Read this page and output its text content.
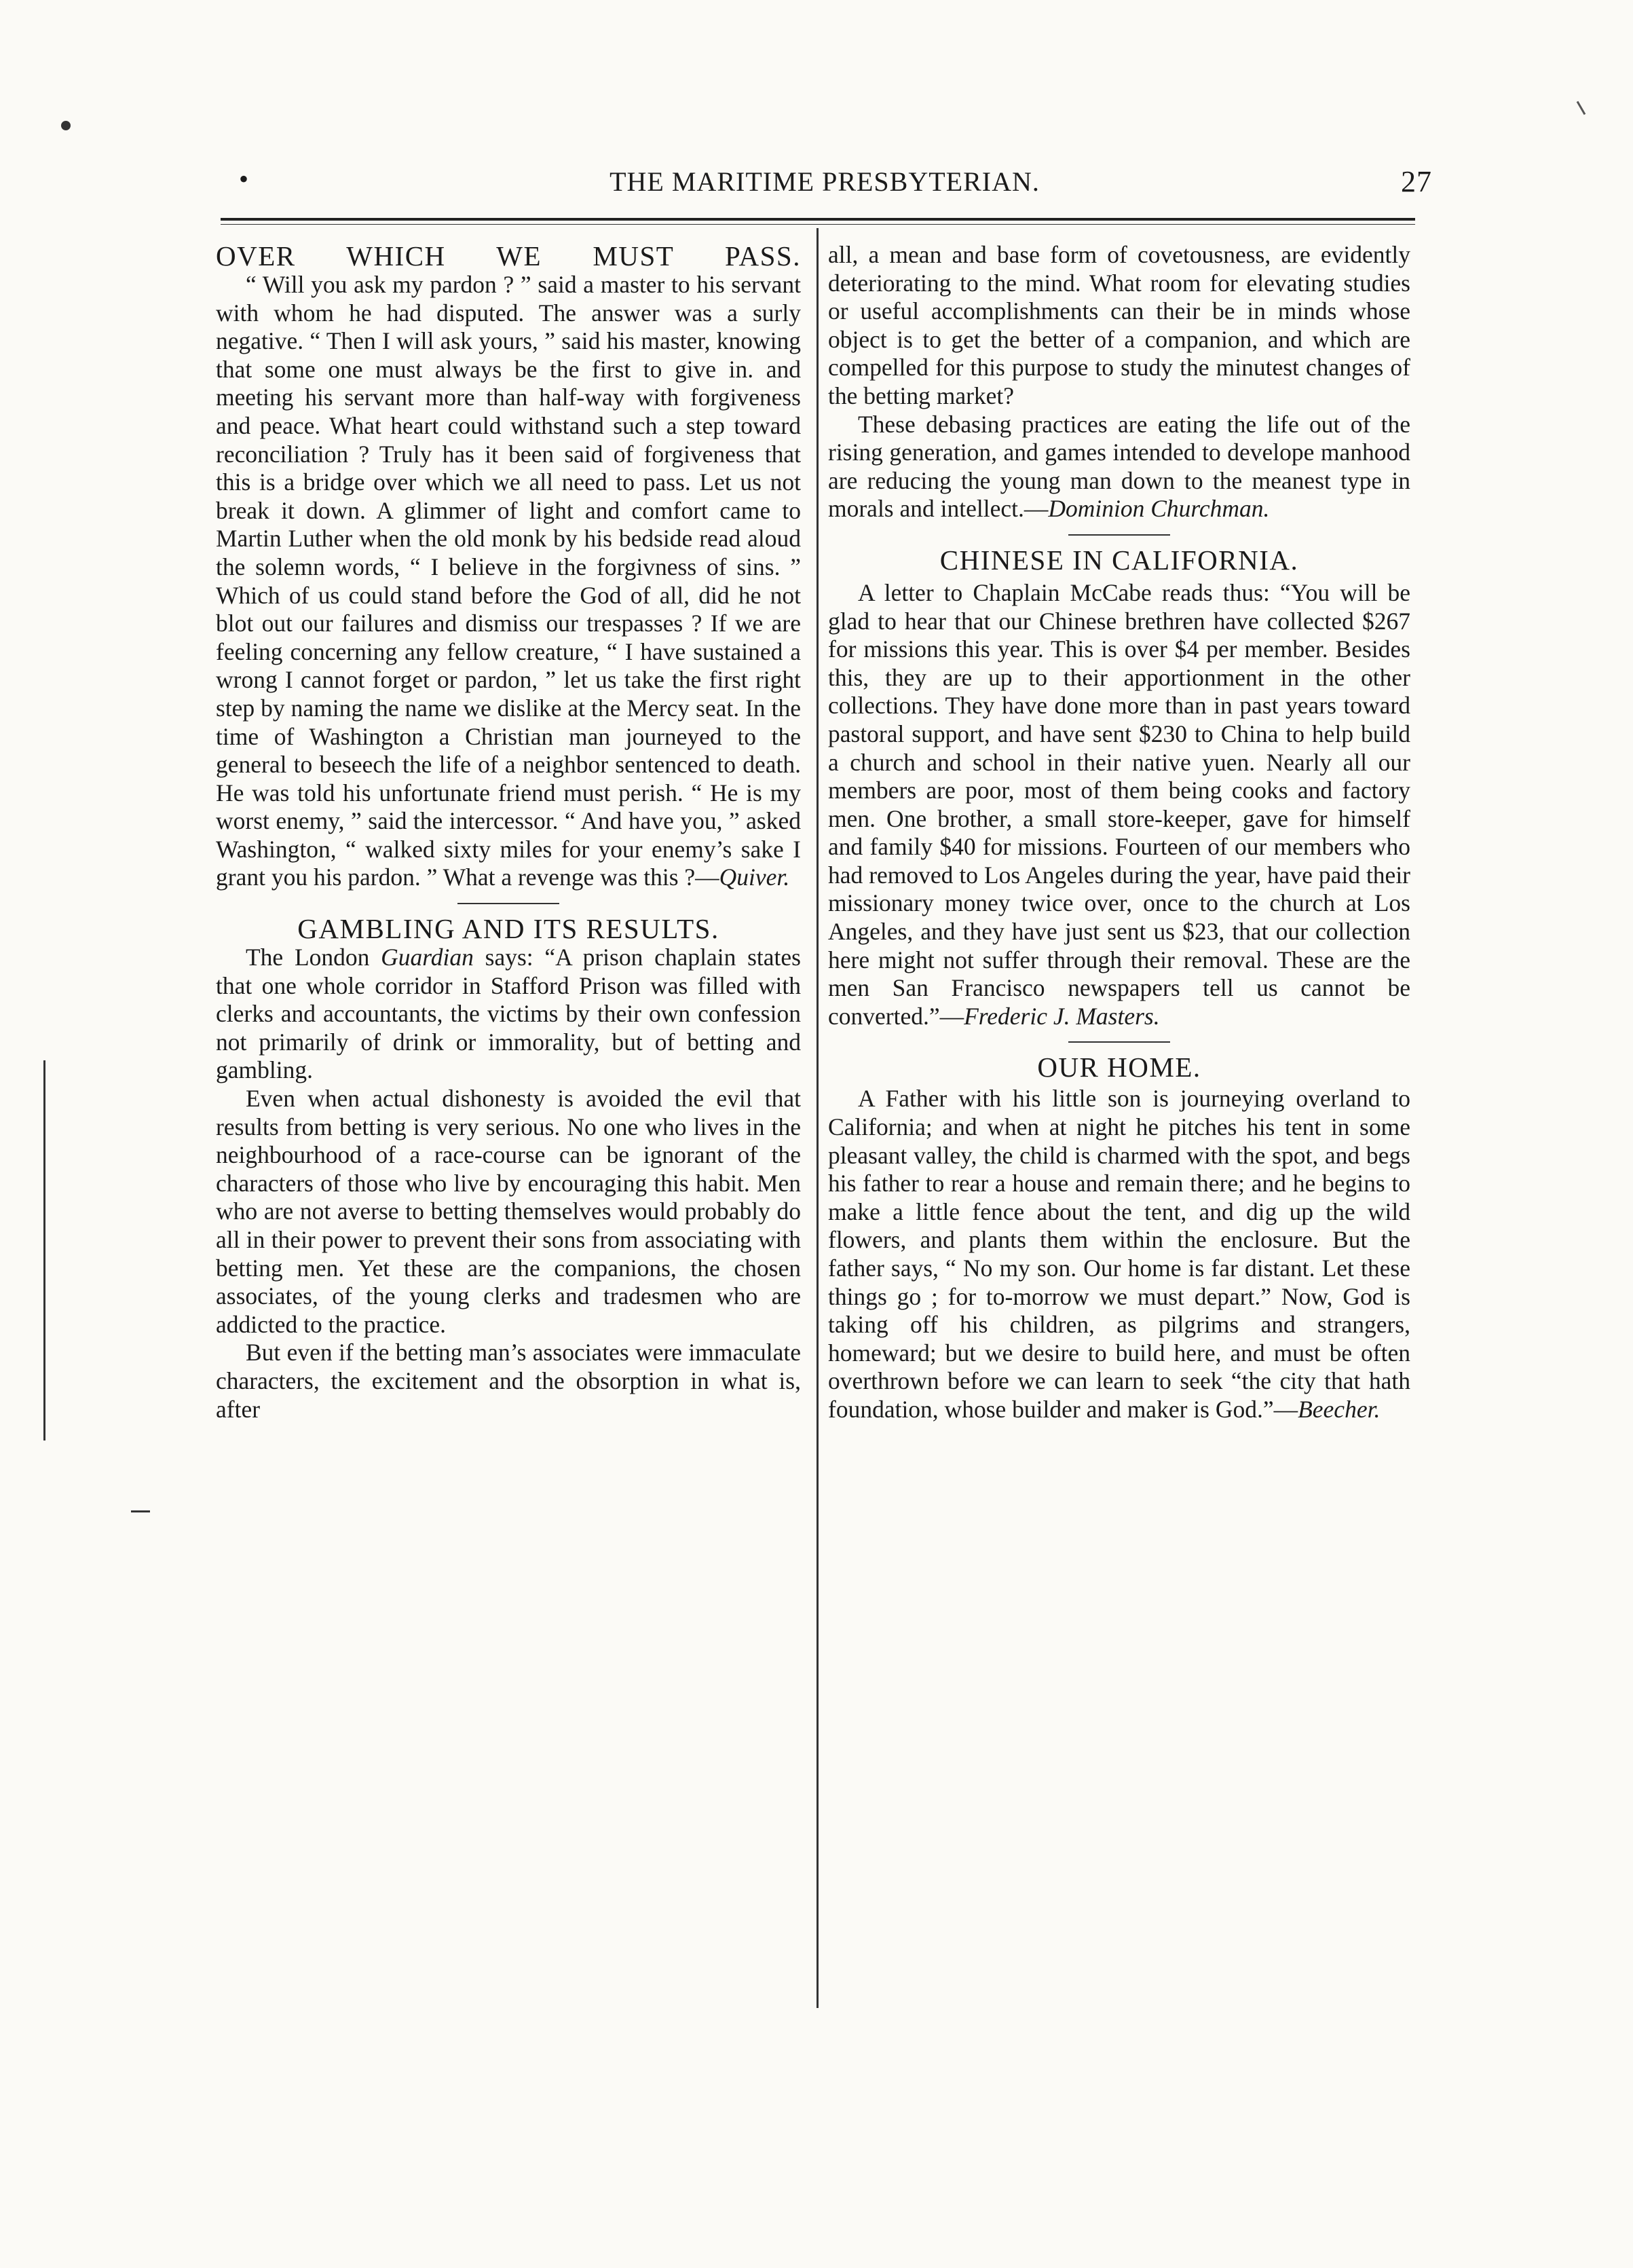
•	THE MARITIME PRESBYTERIAN.	27
OVER WHICH WE MUST PASS.

“ Will you ask my pardon ? ” said a master to his servant with whom he had disputed. The answer was a surly negative. “ Then I will ask yours, ” said his master, knowing that some one must always be the first to give in. and meeting his servant more than half-way with forgiveness and peace. What heart could withstand such a step toward reconciliation ? Truly has it been said of forgiveness that this is a bridge over which we all need to pass. Let us not break it down. A glimmer of light and comfort came to Martin Luther when the old monk by his bedside read aloud the solemn words, “ I believe in the forgivness of sins. ” Which of us could stand before the God of all, did he not blot out our failures and dismiss our trespasses ? If we are feeling concerning any fellow creature, “ I have sustained a wrong I cannot forget or pardon, ” let us take the first right step by naming the name we dislike at the Mercy seat. In the time of Washington a Christian man journeyed to the general to beseech the life of a neighbor sentenced to death. He was told his unfortunate friend must perish. “ He is my worst enemy, ” said the intercessor. “ And have you, ” asked Washington, “ walked sixty miles for your enemy’s sake I grant you his pardon. ” What a revenge was this ?—Quiver.

GAMBLING AND ITS RESULTS.

The London Guardian says: “A prison chaplain states that one whole corridor in Stafford Prison was filled with clerks and accountants, the victims by their own confession not primarily of drink or immorality, but of betting and gambling.

Even when actual dishonesty is avoided the evil that results from betting is very serious. No one who lives in the neighbourhood of a race-course can be ignorant of the characters of those who live by encouraging this habit. Men who are not averse to betting themselves would probably do all in their power to prevent their sons from associating with betting men. Yet these are the companions, the chosen associates, of the young clerks and tradesmen who are addicted to the practice.

But even if the betting man’s associates were immaculate characters, the excitement and the obsorption in what is, after

all, a mean and base form of covetousness, are evidently deteriorating to the mind. What room for elevating studies or useful accomplishments can their be in minds whose object is to get the better of a companion, and which are compelled for this purpose to study the minutest changes of the betting market?

These debasing practices are eating the life out of the rising generation, and games intended to develope manhood are reducing the young man down to the meanest type in morals and intellect.—Dominion Churchman.

CHINESE IN CALIFORNIA.

A letter to Chaplain McCabe reads thus: “You will be glad to hear that our Chinese brethren have collected $267 for missions this year. This is over $4 per member. Besides this, they are up to their apportionment in the other collections. They have done more than in past years toward pastoral support, and have sent $230 to China to help build a church and school in their native yuen. Nearly all our members are poor, most of them being cooks and factory men. One brother, a small store-keeper, gave for himself and family $40 for missions. Fourteen of our members who had removed to Los Angeles during the year, have paid their missionary money twice over, once to the church at Los Angeles, and they have just sent us $23, that our collection here might not suffer through their removal. These are the men San Francisco newspapers tell us cannot be converted.”—Frederic J. Masters.

OUR HOME.

A Father with his little son is journeying overland to California; and when at night he pitches his tent in some pleasant valley, the child is charmed with the spot, and begs his father to rear a house and remain there; and he begins to make a little fence about the tent, and dig up the wild flowers, and plants them within the enclosure. But the father says, “ No my son. Our home is far distant. Let these things go ; for to-morrow we must depart.” Now, God is taking off his children, as pilgrims and strangers, homeward; but we desire to build here, and must be often overthrown before we can learn to seek “the city that hath foundation, whose builder and maker is God.”—Beecher.
